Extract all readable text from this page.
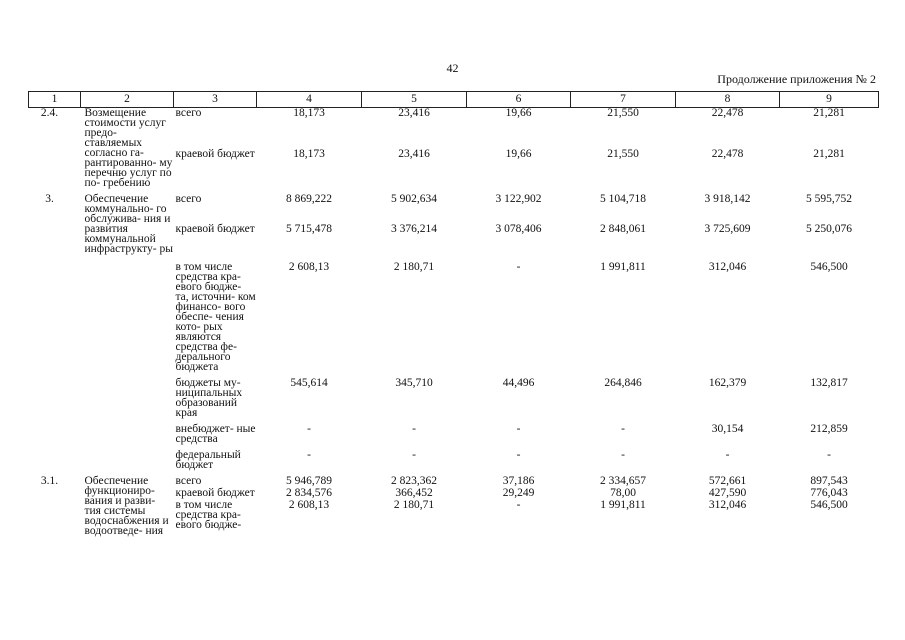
42
Продолжение приложения № 2
1	2	3	4	5	6	7	8	9
2.4.	Возмещение стоимости услуг предо- ставляемых согласно га- рантированно- му перечню услуг по по- гребению	всего	18,173	23,416	19,66	21,550	22,478	21,281
		краевой бюджет	18,173	23,416	19,66	21,550	22,478	21,281

3.	Обеспечение коммунально- го обслужива- ния и развития коммунальной инфраструкту- ры	всего	8 869,222	5 902,634	3 122,902	5 104,718	3 918,142	5 595,752
		краевой бюджет	5 715,478	3 376,214	3 078,406	2 848,061	3 725,609	5 250,076

		в том числе средства кра- евого бюдже- та, источни- ком финансо- вого обеспе- чения кото- рых являются средства фе- дерального бюджета	2 608,13	2 180,71	-	1 991,811	312,046	546,500

		бюджеты му- ниципальных образований края	545,614	345,710	44,496	264,846	162,379	132,817

		внебюджет- ные средства	-	-	-	-	30,154	212,859

		федеральный бюджет	-	-	-	-	-	-

3.1.	Обеспечение функциониро- вания и разви- тия системы водоснабжения и водоотведе- ния	всего	5 946,789	2 823,362	37,186	2 334,657	572,661	897,543
		краевой бюджет	2 834,576	366,452	29,249	78,00	427,590	776,043
		в том числе средства кра- евого бюдже-	2 608,13	2 180,71	-	1 991,811	312,046	546,500
